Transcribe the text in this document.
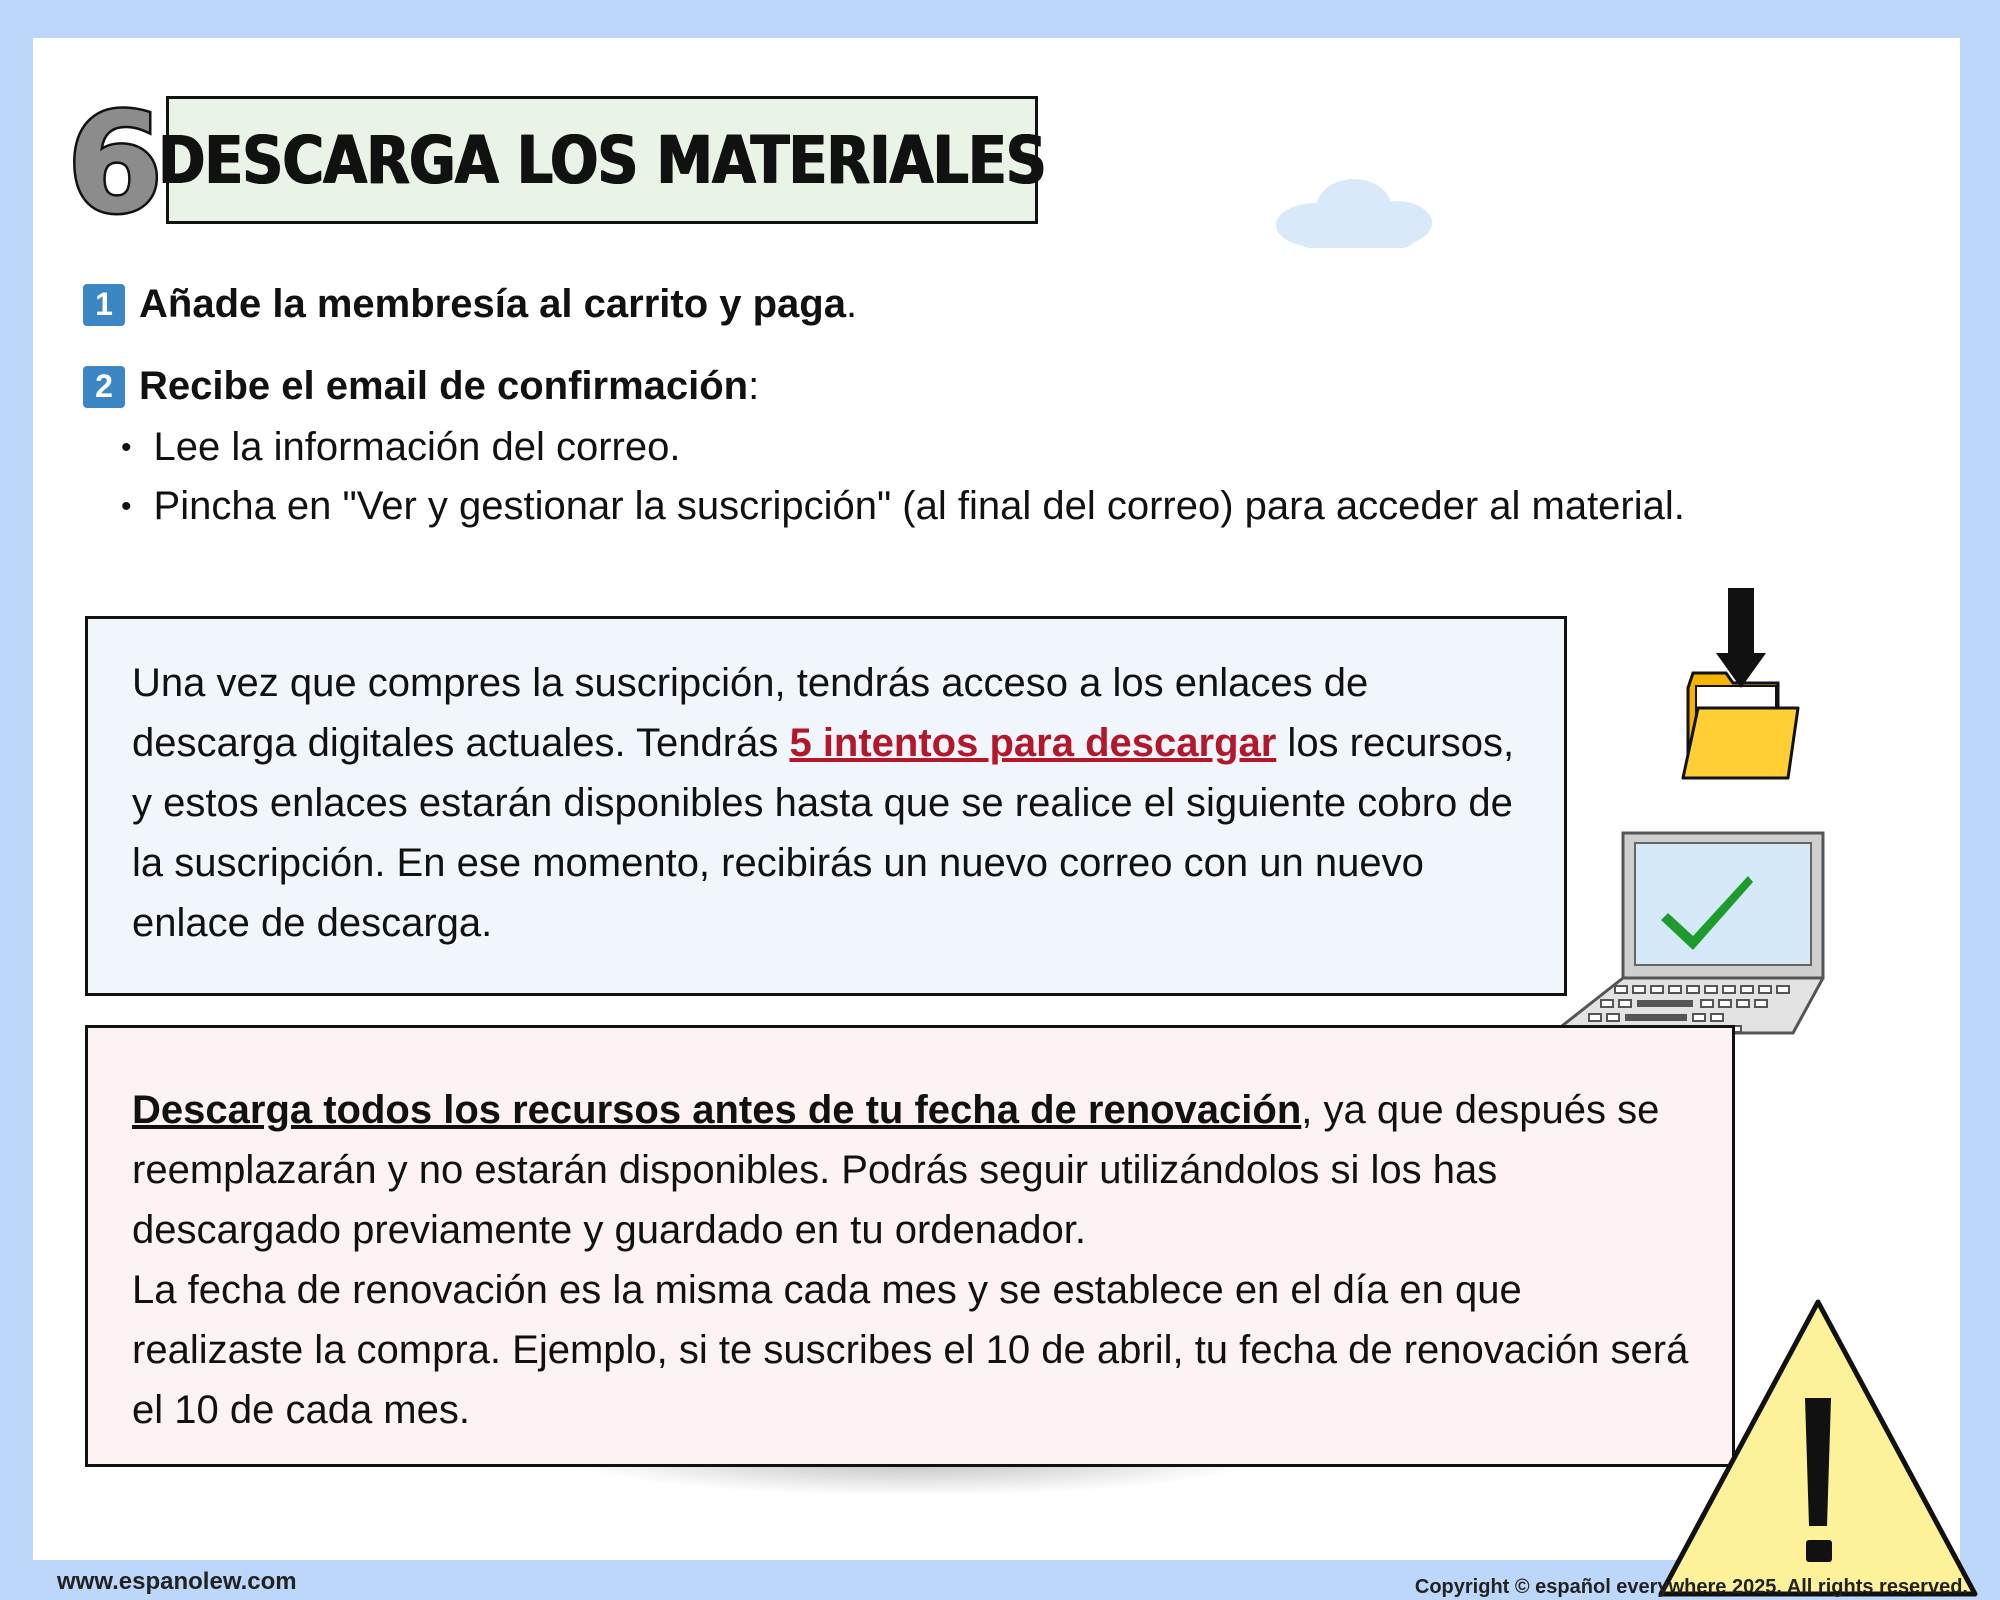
6
DESCARGA LOS MATERIALES
1 Añade la membresía al carrito y paga .
2 Recibe el email de confirmación :
• Lee la información del correo.
• Pincha en "Ver y gestionar la suscripción" (al final del correo) para acceder al material.
Una vez que compres la suscripción, tendrás acceso a los enlaces de descarga digitales actuales. Tendrás 5 intentos para descargar los recursos, y estos enlaces estarán disponibles hasta que se realice el siguiente cobro de la suscripción. En ese momento, recibirás un nuevo correo con un nuevo enlace de descarga.
Descarga todos los recursos antes de tu fecha de renovación, ya que después se reemplazarán y no estarán disponibles. Podrás seguir utilizándolos si los has descargado previamente y guardado en tu ordenador.
La fecha de renovación es la misma cada mes y se establece en el día en que realizaste la compra. Ejemplo, si te suscribes el 10 de abril, tu fecha de renovación será el 10 de cada mes.
www.espanolew.com	Copyright © español everywhere 2025. All rights reserved.
